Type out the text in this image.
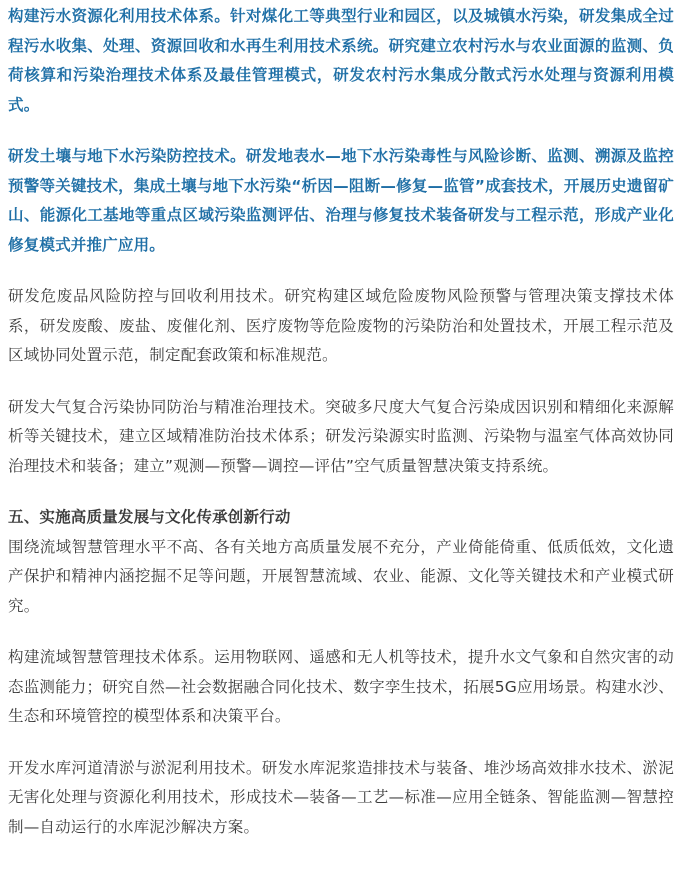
构建污水资源化利用技术体系。针对煤化工等典型行业和园区，以及城镇水污染，研发集成全过程污水收集、处理、资源回收和水再生利用技术系统。研究建立农村污水与农业面源的监测、负荷核算和污染治理技术体系及最佳管理模式，研发农村污水集成分散式污水处理与资源利用模式。

研发土壤与地下水污染防控技术。研发地表水—地下水污染毒性与风险诊断、监测、溯源及监控预警等关键技术，集成土壤与地下水污染“析因—阻断—修复—监管”成套技术，开展历史遗留矿山、能源化工基地等重点区域污染监测评估、治理与修复技术装备研发与工程示范，形成产业化修复模式并推广应用。

研发危废品风险防控与回收利用技术。研究构建区域危险废物风险预警与管理决策支撑技术体系，研发废酸、废盐、废催化剂、医疗废物等危险废物的污染防治和处置技术，开展工程示范及区域协同处置示范，制定配套政策和标准规范。

研发大气复合污染协同防治与精准治理技术。突破多尺度大气复合污染成因识别和精细化来源解析等关键技术，建立区域精准防治技术体系；研发污染源实时监测、污染物与温室气体高效协同治理技术和装备；建立”观测—预警—调控—评估”空气质量智慧决策支持系统。

五、实施高质量发展与文化传承创新行动

围绕流域智慧管理水平不高、各有关地方高质量发展不充分，产业倚能倚重、低质低效，文化遗产保护和精神内涵挖掘不足等问题，开展智慧流域、农业、能源、文化等关键技术和产业模式研究。

构建流域智慧管理技术体系。运用物联网、遥感和无人机等技术，提升水文气象和自然灾害的动态监测能力；研究自然—社会数据融合同化技术、数字孪生技术，拓展5G应用场景。构建水沙、生态和环境管控的模型体系和决策平台。

开发水库河道清淤与淤泥利用技术。研发水库泥浆造排技术与装备、堆沙场高效排水技术、淤泥无害化处理与资源化利用技术，形成技术—装备—工艺—标准—应用全链条、智能监测—智慧控制—自动运行的水库泥沙解决方案。
